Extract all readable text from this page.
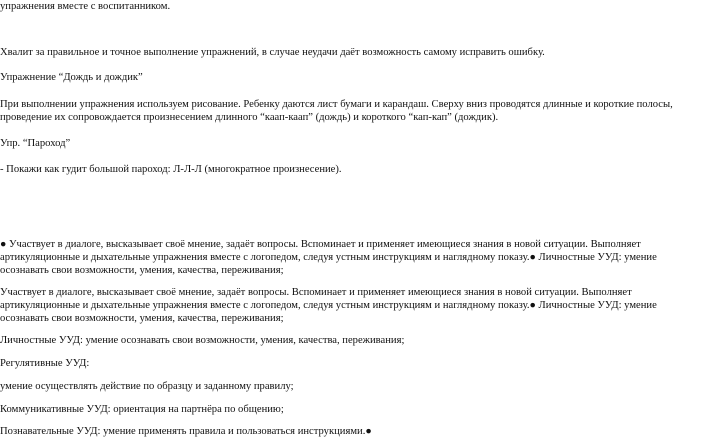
упражнения вместе с воспитанником.

Хвалит за правильное и точное выполнение упражнений, в случае неудачи даёт возможность самому исправить ошибку.

Упражнение “Дождь и дождик”

При выполнении упражнения используем рисование. Ребенку даются лист бумаги и карандаш. Сверху вниз проводятся длинные и короткие полосы, проведение их сопровождается произнесением длинного “каап-каап” (дождь) и короткого “кап-кап” (дождик).

Упр. “Пароход”

- Покажи как гудит большой пароход: Л-Л-Л (многократное произнесение).

● Участвует в диалоге, высказывает своё мнение, задаёт вопросы. Вспоминает и применяет имеющиеся знания в новой ситуации. Выполняет артикуляционные и дыхательные упражнения вместе с логопедом, следуя устным инструкциям и наглядному показу.● Личностные УУД: умение осознавать свои возможности, умения, качества, переживания;

Участвует в диалоге, высказывает своё мнение, задаёт вопросы. Вспоминает и применяет имеющиеся знания в новой ситуации. Выполняет артикуляционные и дыхательные упражнения вместе с логопедом, следуя устным инструкциям и наглядному показу.● Личностные УУД: умение осознавать свои возможности, умения, качества, переживания;

Личностные УУД: умение осознавать свои возможности, умения, качества, переживания;

Регулятивные УУД:

умение осуществлять действие по образцу и заданному правилу;

Коммуникативные УУД: ориентация на партнёра по общению;

Познавательные УУД: умение применять правила и пользоваться инструкциями.●
